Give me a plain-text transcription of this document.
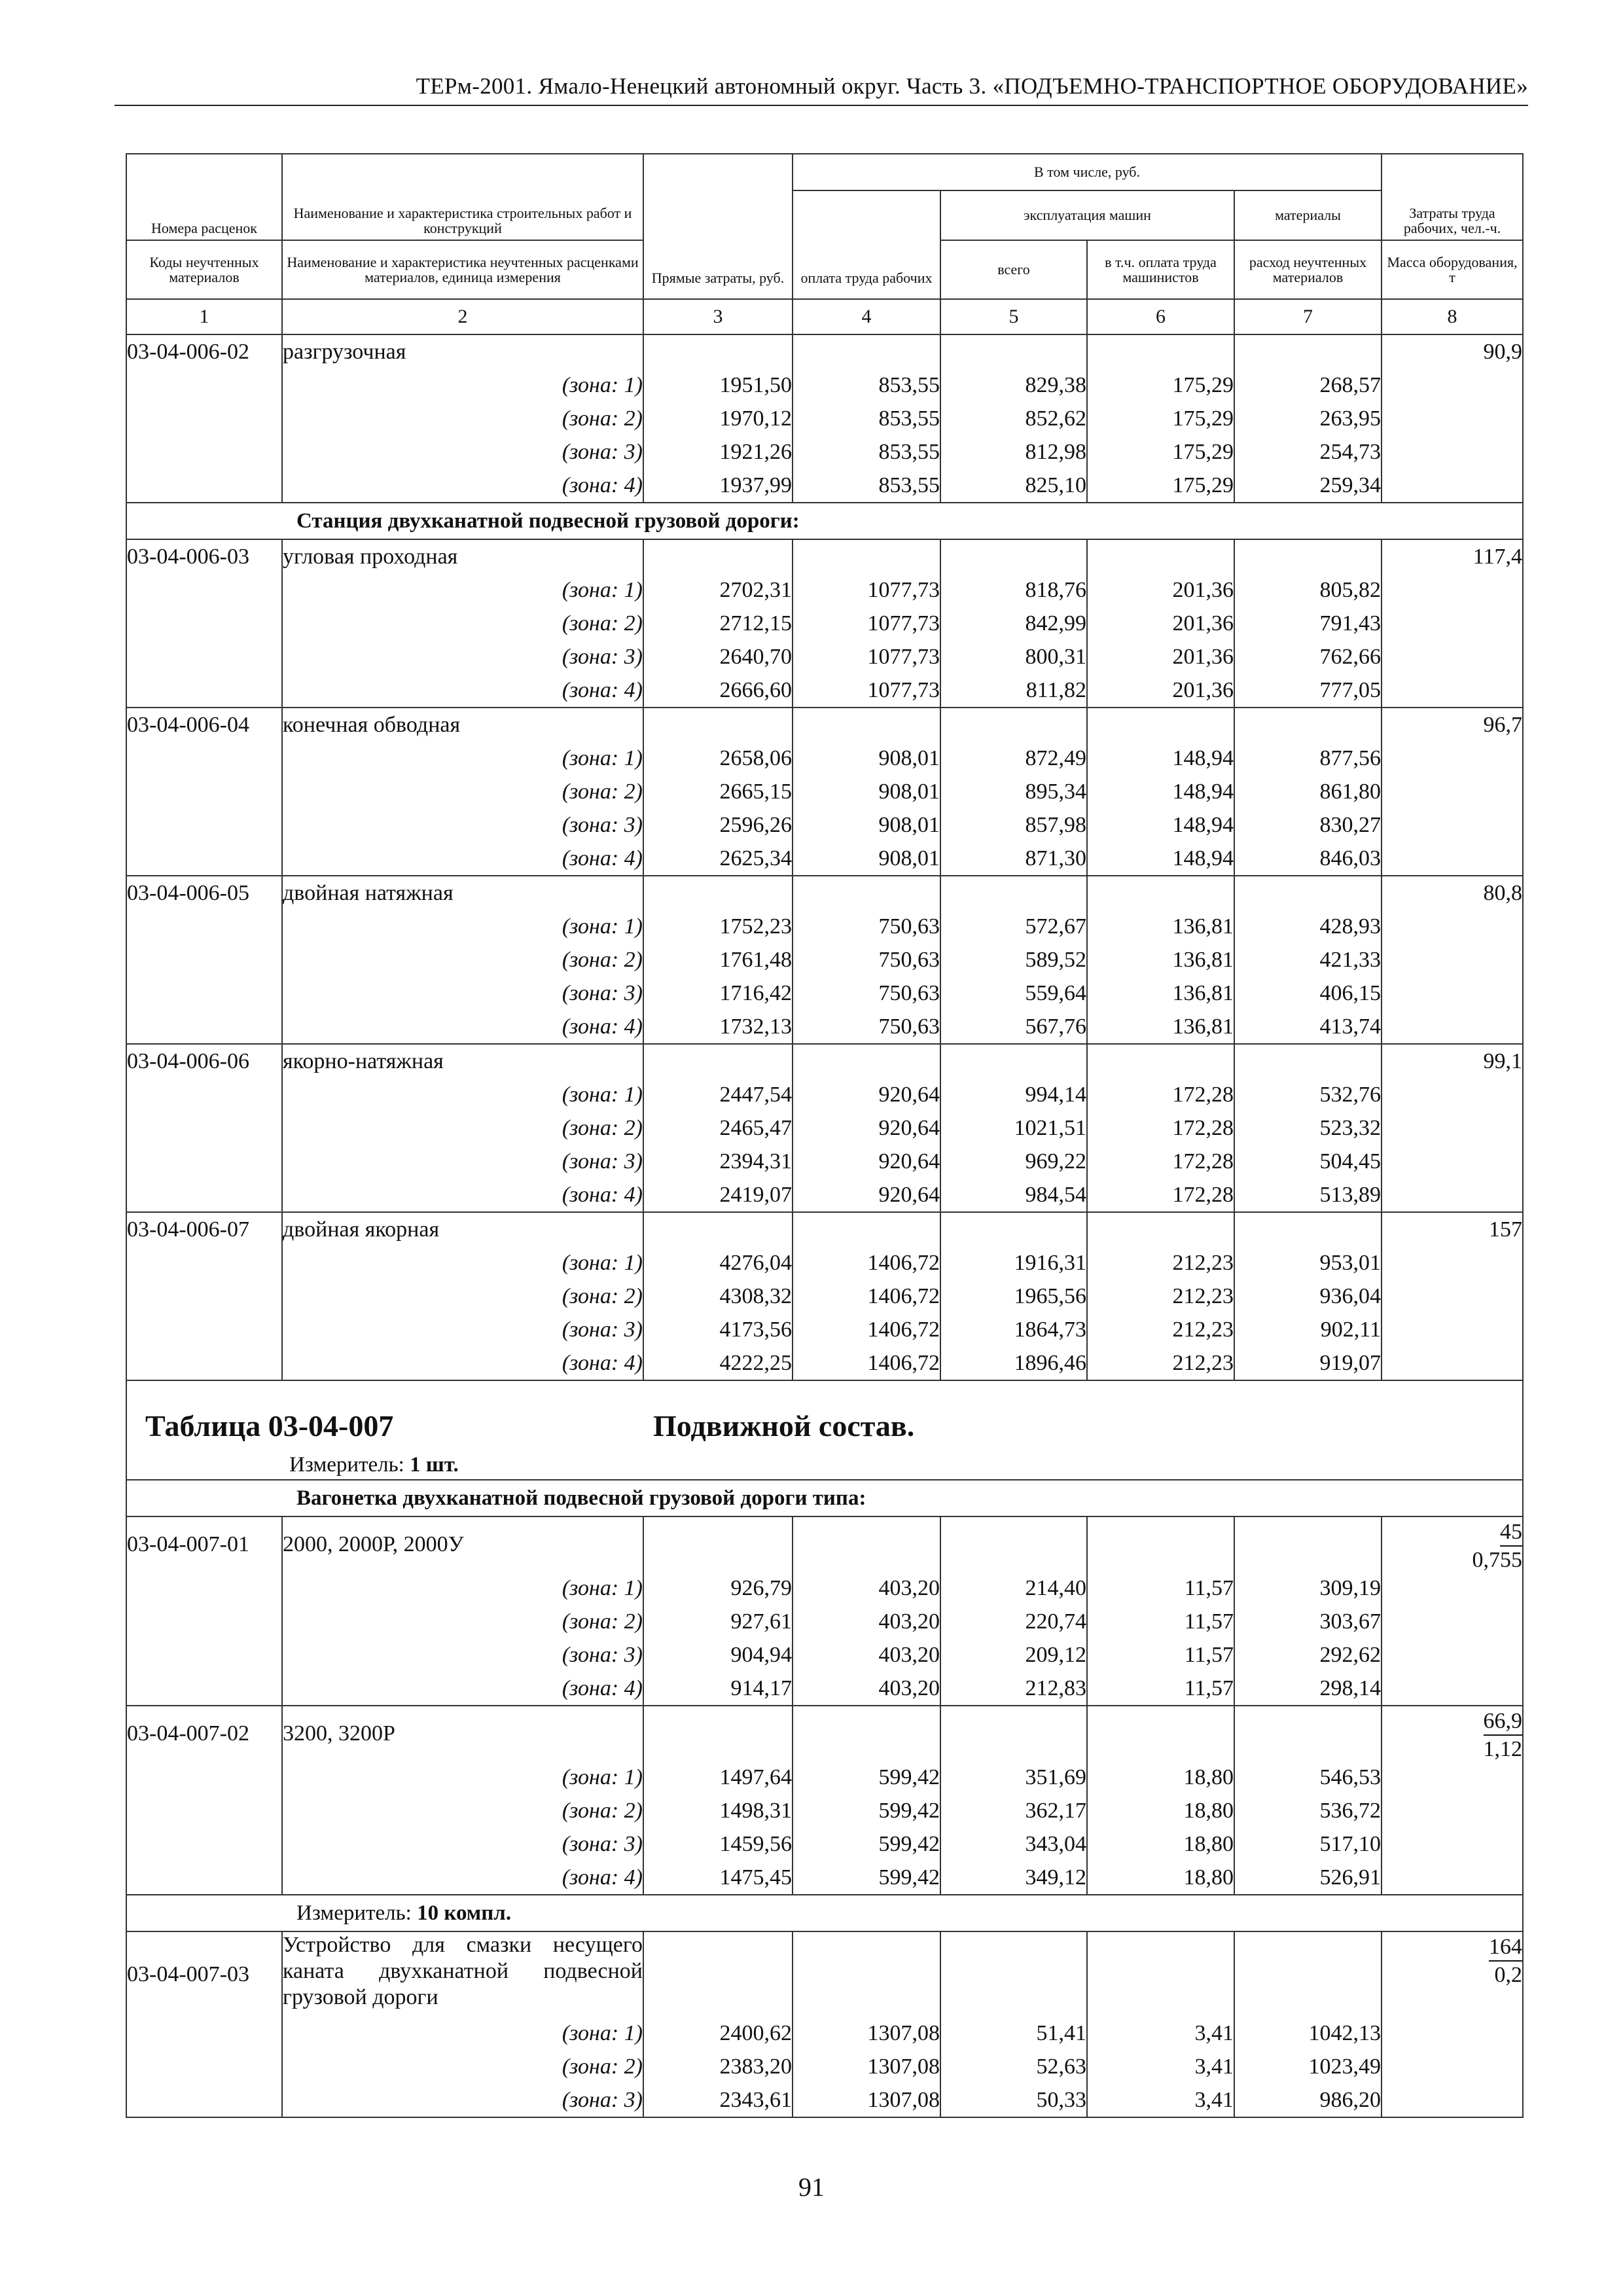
ТЕРм-2001. Ямало-Ненецкий автономный округ. Часть 3. «ПОДЪЕМНО-ТРАНСПОРТНОЕ ОБОРУДОВАНИЕ»
Номера расценок	Наименование и характеристика строительных работ и конструкций	Прямые затраты, руб.	В том числе, руб.				Затраты труда рабочих, чел.-ч.
			оплата труда рабочих	эксплуатация машин		материалы	
Коды неучтенных материалов	Наименование и характеристика неучтенных расценками материалов, единица измерения			всего	в т.ч. оплата труда машинистов	расход неучтенных материалов	Масса оборудования, т
1	2	3	4	5	6	7	8
03-04-006-02	разгрузочная						90,9
	(зона: 1)	1951,50	853,55	829,38	175,29	268,57	
	(зона: 2)	1970,12	853,55	852,62	175,29	263,95	
	(зона: 3)	1921,26	853,55	812,98	175,29	254,73	
	(зона: 4)	1937,99	853,55	825,10	175,29	259,34	
	Станция двухканатной подвесной грузовой дороги:						
03-04-006-03	угловая проходная						117,4
	(зона: 1)	2702,31	1077,73	818,76	201,36	805,82	
	(зона: 2)	2712,15	1077,73	842,99	201,36	791,43	
	(зона: 3)	2640,70	1077,73	800,31	201,36	762,66	
	(зона: 4)	2666,60	1077,73	811,82	201,36	777,05	
03-04-006-04	конечная обводная						96,7
	(зона: 1)	2658,06	908,01	872,49	148,94	877,56	
	(зона: 2)	2665,15	908,01	895,34	148,94	861,80	
	(зона: 3)	2596,26	908,01	857,98	148,94	830,27	
	(зона: 4)	2625,34	908,01	871,30	148,94	846,03	
03-04-006-05	двойная натяжная						80,8
	(зона: 1)	1752,23	750,63	572,67	136,81	428,93	
	(зона: 2)	1761,48	750,63	589,52	136,81	421,33	
	(зона: 3)	1716,42	750,63	559,64	136,81	406,15	
	(зона: 4)	1732,13	750,63	567,76	136,81	413,74	
03-04-006-06	якорно-натяжная						99,1
	(зона: 1)	2447,54	920,64	994,14	172,28	532,76	
	(зона: 2)	2465,47	920,64	1021,51	172,28	523,32	
	(зона: 3)	2394,31	920,64	969,22	172,28	504,45	
	(зона: 4)	2419,07	920,64	984,54	172,28	513,89	
03-04-006-07	двойная якорная						157
	(зона: 1)	4276,04	1406,72	1916,31	212,23	953,01	
	(зона: 2)	4308,32	1406,72	1965,56	212,23	936,04	
	(зона: 3)	4173,56	1406,72	1864,73	212,23	902,11	
	(зона: 4)	4222,25	1406,72	1896,46	212,23	919,07	

Таблица 03-04-007 Подвижной состав.
Измеритель: 1 шт.							

	Вагонетка двухканатной подвесной грузовой дороги типа:						
03-04-007-01	2000, 2000Р, 2000У						$\frac{45}{0,755}$

	(зона: 1)	926,79	403,20	214,40	11,57	309,19	
	(зона: 2)	927,61	403,20	220,74	11,57	303,67	
	(зона: 3)	904,94	403,20	209,12	11,57	292,62	
	(зона: 4)	914,17	403,20	212,83	11,57	298,14	
03-04-007-02	3200, 3200Р						$\frac{66,9}{1,12}$

	(зона: 1)	1497,64	599,42	351,69	18,80	546,53	
	(зона: 2)	1498,31	599,42	362,17	18,80	536,72	
	(зона: 3)	1459,56	599,42	343,04	18,80	517,10	
	(зона: 4)	1475,45	599,42	349,12	18,80	526,91	
	Измеритель: 10 компл.						
03-04-007-03	Устройство для смазки несущего каната двухканатной подвесной грузовой дороги						$\frac{164}{0,2}$

	(зона: 1)	2400,62	1307,08	51,41	3,41	1042,13	
	(зона: 2)	2383,20	1307,08	52,63	3,41	1023,49	
	(зона: 3)	2343,61	1307,08	50,33	3,41	986,20	
91
